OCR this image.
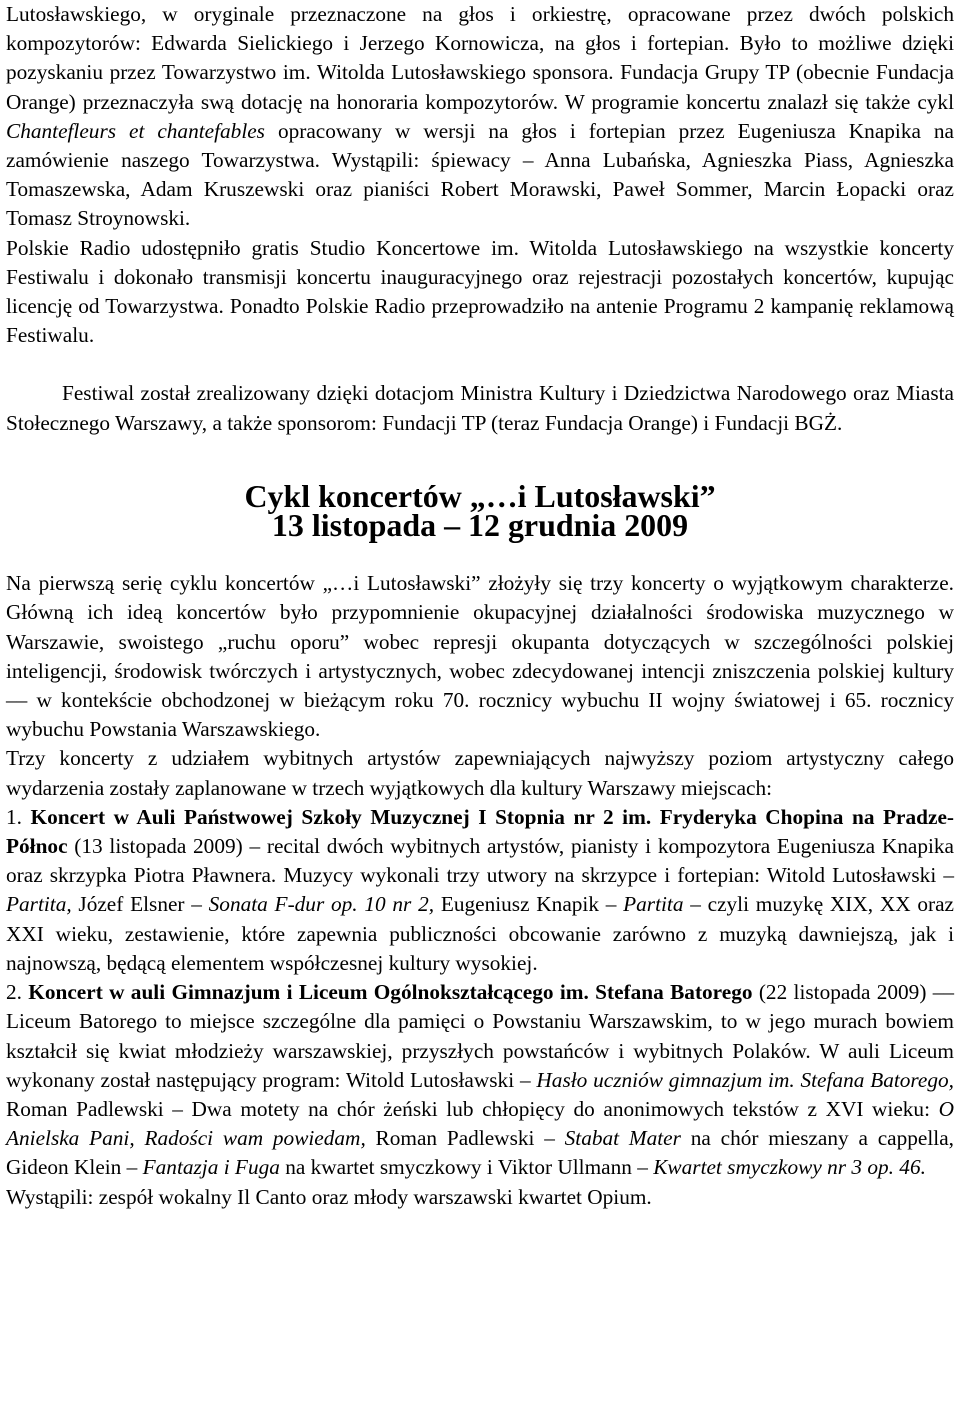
Lutosławskiego, w oryginale przeznaczone na głos i orkiestrę, opracowane przez dwóch polskich kompozytorów: Edwarda Sielickiego i Jerzego Kornowicza, na głos i fortepian. Było to możliwe dzięki pozyskaniu przez Towarzystwo im. Witolda Lutosławskiego sponsora. Fundacja Grupy TP (obecnie Fundacja Orange) przeznaczyła swą dotację na honoraria kompozytorów. W programie koncertu znalazł się także cykl Chantefleurs et chantefables opracowany w wersji na głos i fortepian przez Eugeniusza Knapika na zamówienie naszego Towarzystwa. Wystąpili: śpiewacy – Anna Lubańska, Agnieszka Piass, Agnieszka Tomaszewska, Adam Kruszewski oraz pianiści Robert Morawski, Paweł Sommer, Marcin Łopacki oraz Tomasz Stroynowski.

Polskie Radio udostępniło gratis Studio Koncertowe im. Witolda Lutosławskiego na wszystkie koncerty Festiwalu i dokonało transmisji koncertu inauguracyjnego oraz rejestracji pozostałych koncertów, kupując licencję od Towarzystwa. Ponadto Polskie Radio przeprowadziło na antenie Programu 2 kampanię reklamową Festiwalu.

Festiwal został zrealizowany dzięki dotacjom Ministra Kultury i Dziedzictwa Narodowego oraz Miasta Stołecznego Warszawy, a także sponsorom: Fundacji TP (teraz Fundacja Orange) i Fundacji BGŻ.

Cykl koncertów „…i Lutosławski”
13 listopada – 12 grudnia 2009

Na pierwszą serię cyklu koncertów „…i Lutosławski” złożyły się trzy koncerty o wyjątkowym charakterze. Główną ich ideą koncertów było przypomnienie okupacyjnej działalności środowiska muzycznego w Warszawie, swoistego „ruchu oporu” wobec represji okupanta dotyczących w szczególności polskiej inteligencji, środowisk twórczych i artystycznych, wobec zdecydowanej intencji zniszczenia polskiej kultury –– w kontekście obchodzonej w bieżącym roku 70. rocznicy wybuchu II wojny światowej i 65. rocznicy wybuchu Powstania Warszawskiego.

Trzy koncerty z udziałem wybitnych artystów zapewniających najwyższy poziom artystyczny całego wydarzenia zostały zaplanowane w trzech wyjątkowych dla kultury Warszawy miejscach:

1. Koncert w Auli Państwowej Szkoły Muzycznej I Stopnia nr 2 im. Fryderyka Chopina na Pradze-Północ (13 listopada 2009) – recital dwóch wybitnych artystów, pianisty i kompozytora Eugeniusza Knapika oraz skrzypka Piotra Pławnera. Muzycy wykonali trzy utwory na skrzypce i fortepian: Witold Lutosławski – Partita, Józef Elsner – Sonata F-dur op. 10 nr 2, Eugeniusz Knapik – Partita – czyli muzykę XIX, XX oraz XXI wieku, zestawienie, które zapewnia publiczności obcowanie zarówno z muzyką dawniejszą, jak i najnowszą, będącą elementem współczesnej kultury wysokiej.

2. Koncert w auli Gimnazjum i Liceum Ogólnokształcącego im. Stefana Batorego (22 listopada 2009) –– Liceum Batorego to miejsce szczególne dla pamięci o Powstaniu Warszawskim, to w jego murach bowiem kształcił się kwiat młodzieży warszawskiej, przyszłych powstańców i wybitnych Polaków. W auli Liceum wykonany został następujący program: Witold Lutosławski – Hasło uczniów gimnazjum im. Stefana Batorego, Roman Padlewski – Dwa motety na chór żeński lub chłopięcy do anonimowych tekstów z XVI wieku: O Anielska Pani, Radości wam powiedam, Roman Padlewski – Stabat Mater na chór mieszany a cappella, Gideon Klein – Fantazja i Fuga na kwartet smyczkowy i Viktor Ullmann – Kwartet smyczkowy nr 3 op. 46.

Wystąpili: zespół wokalny Il Canto oraz młody warszawski kwartet Opium.
